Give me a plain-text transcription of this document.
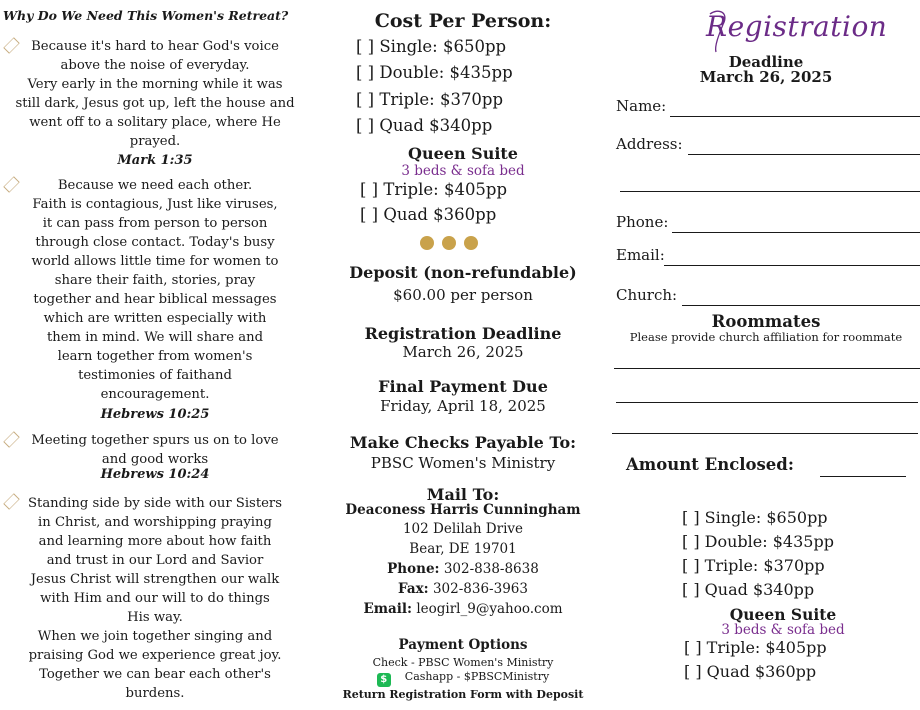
Why Do We Need This Women's Retreat?
Because it's hard to hear God's voice
above the noise of everyday.
Very early in the morning while it was
still dark, Jesus got up, left the house and
went off to a solitary place, where He
prayed.
Mark 1:35
Because we need each other.
Faith is contagious, Just like viruses,
it can pass from person to person
through close contact. Today's busy
world allows little time for women to
share their faith, stories, pray
together and hear biblical messages
which are written especially with
them in mind. We will share and
learn together from women's
testimonies of faithand
encouragement.
Hebrews 10:25
Meeting together spurs us on to love
and good works
Hebrews 10:24
Standing side by side with our Sisters
in Christ, and worshipping praying
and learning more about how faith
and trust in our Lord and Savior
Jesus Christ will strengthen our walk
with Him and our will to do things
His way.
When we join together singing and
praising God we experience great joy.
Together we can bear each other's
burdens.
Cost Per Person:
[ ] Single: $650pp
[ ] Double: $435pp
[ ] Triple: $370pp
[ ] Quad $340pp
Queen Suite
3 beds & sofa bed
[ ] Triple: $405pp
[ ] Quad $360pp
Deposit (non-refundable)
$60.00 per person
Registration Deadline
March 26, 2025
Final Payment Due
Friday, April 18, 2025
Make Checks Payable To:
PBSC Women's Ministry
Mail To:
Deaconess Harris Cunningham
102 Delilah Drive
Bear, DE 19701
Phone: 302-838-8638
Fax: 302-836-3963
Email: leogirl_9@yahoo.com
Payment Options
Check - PBSC Women's Ministry
$ Cashapp - $PBSCMinistry
Return Registration Form with Deposit
Registration
Deadline
March 26, 2025
Name:
Address:
Phone:
Email:
Church:
Roommates
Please provide church affiliation for roommate
Amount Enclosed:
[ ] Single: $650pp
[ ] Double: $435pp
[ ] Triple: $370pp
[ ] Quad $340pp
Queen Suite
3 beds & sofa bed
[ ] Triple: $405pp
[ ] Quad $360pp
